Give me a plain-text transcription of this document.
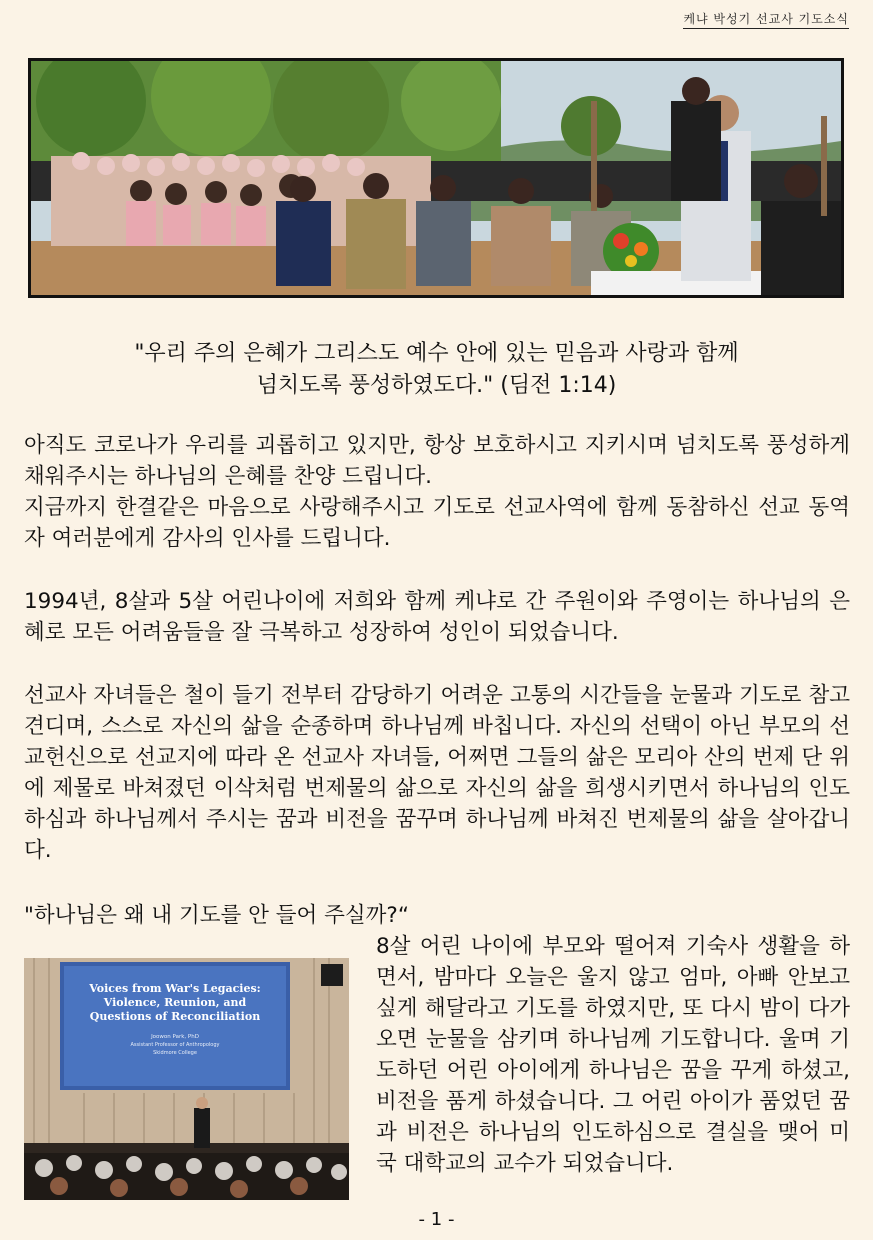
케냐 박성기 선교사 기도소식
"우리 주의 은혜가 그리스도 예수 안에 있는 믿음과 사랑과 함께
넘치도록 풍성하였도다." (딤전 1:14)
아직도 코로나가 우리를 괴롭히고 있지만, 항상 보호하시고 지키시며 넘치도록 풍성하게 채워주시는 하나님의 은혜를 찬양 드립니다.
지금까지 한결같은 마음으로 사랑해주시고 기도로 선교사역에 함께 동참하신 선교 동역자 여러분에게 감사의 인사를 드립니다.

1994년, 8살과 5살 어린나이에 저희와 함께 케냐로 간 주원이와 주영이는 하나님의 은혜로 모든 어려움들을 잘 극복하고 성장하여 성인이 되었습니다.

선교사 자녀들은 철이 들기 전부터 감당하기 어려운 고통의 시간들을 눈물과 기도로 참고 견디며, 스스로 자신의 삶을 순종하며 하나님께 바칩니다. 자신의 선택이 아닌 부모의 선교헌신으로 선교지에 따라 온 선교사 자녀들, 어쩌면 그들의 삶은 모리아 산의 번제 단 위에 제물로 바쳐졌던 이삭처럼 번제물의 삶으로 자신의 삶을 희생시키면서 하나님의 인도하심과 하나님께서 주시는 꿈과 비전을 꿈꾸며 하나님께 바쳐진 번제물의 삶을 살아갑니다.

"하나님은 왜 내 기도를 안 들어 주실까?“
Voices from War's Legacies:
Violence, Reunion, and
Questions of Reconciliation
Joowon Park, PhD
Assistant Professor of Anthropology
Skidmore College

8살 어린 나이에 부모와 떨어져 기숙사 생활을 하면서, 밤마다 오늘은 울지 않고 엄마, 아빠 안보고 싶게 해달라고 기도를 하였지만, 또 다시 밤이 다가오면 눈물을 삼키며 하나님께 기도합니다. 울며 기도하던 어린 아이에게 하나님은 꿈을 꾸게 하셨고, 비전을 품게 하셨습니다. 그 어린 아이가 품었던 꿈과 비전은 하나님의 인도하심으로 결실을 맺어 미국 대학교의 교수가 되었습니다.

- 1 -
